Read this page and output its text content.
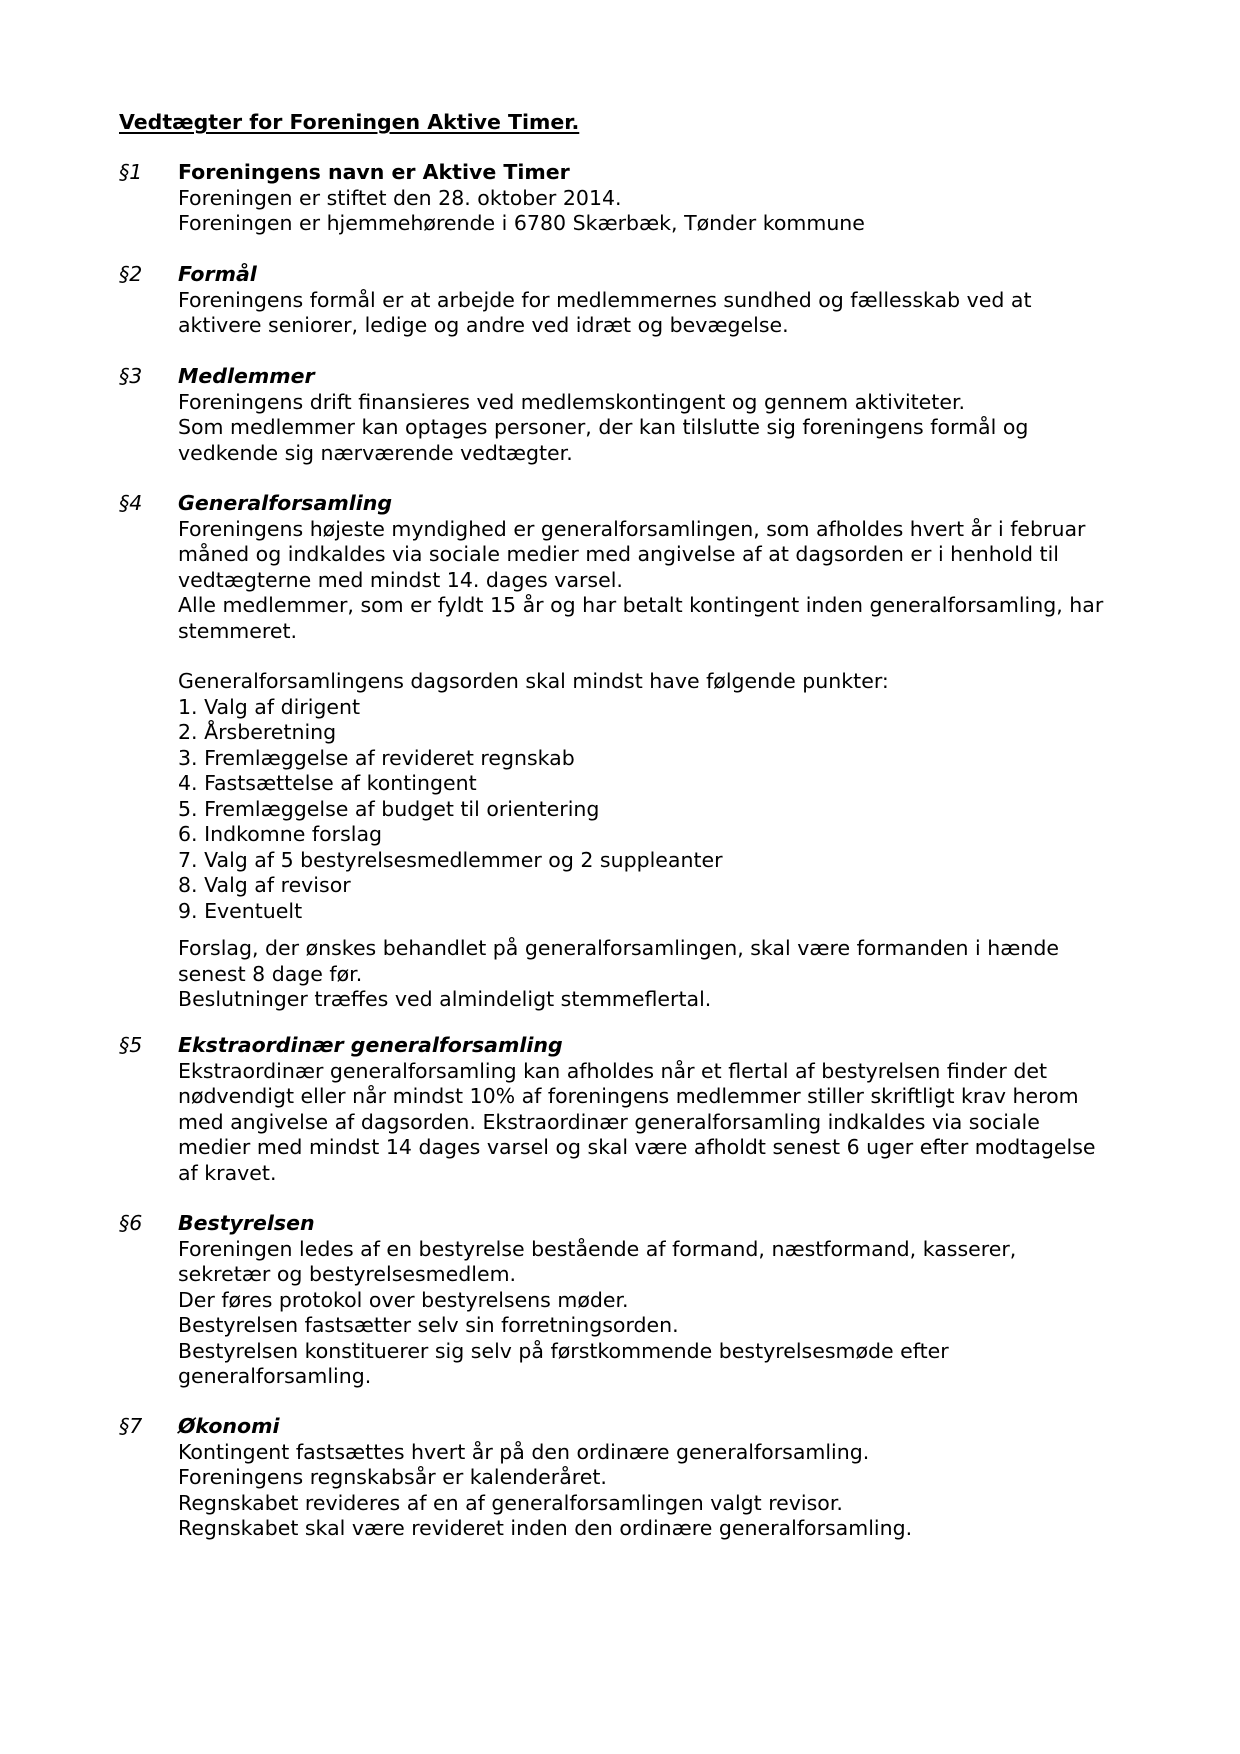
Vedtægter for Foreningen Aktive Timer.
§1 Foreningens navn er Aktive Timer

Foreningen er stiftet den 28. oktober 2014.

Foreningen er hjemmehørende i 6780 Skærbæk, Tønder kommune

§2 Formål

Foreningens formål er at arbejde for medlemmernes sundhed og fællesskab ved at

aktivere seniorer, ledige og andre ved idræt og bevægelse.

§3 Medlemmer

Foreningens drift finansieres ved medlemskontingent og gennem aktiviteter.

Som medlemmer kan optages personer, der kan tilslutte sig foreningens formål og

vedkende sig nærværende vedtægter.

§4 Generalforsamling

Foreningens højeste myndighed er generalforsamlingen, som afholdes hvert år i februar

måned og indkaldes via sociale medier med angivelse af at dagsorden er i henhold til

vedtægterne med mindst 14. dages varsel.

Alle medlemmer, som er fyldt 15 år og har betalt kontingent inden generalforsamling, har

stemmeret.

Generalforsamlingens dagsorden skal mindst have følgende punkter:

1. Valg af dirigent

2. Årsberetning

3. Fremlæggelse af revideret regnskab

4. Fastsættelse af kontingent

5. Fremlæggelse af budget til orientering

6. Indkomne forslag

7. Valg af 5 bestyrelsesmedlemmer og 2 suppleanter

8. Valg af revisor

9. Eventuelt

Forslag, der ønskes behandlet på generalforsamlingen, skal være formanden i hænde

senest 8 dage før.

Beslutninger træffes ved almindeligt stemmeflertal.

§5 Ekstraordinær generalforsamling

Ekstraordinær generalforsamling kan afholdes når et flertal af bestyrelsen finder det

nødvendigt eller når mindst 10% af foreningens medlemmer stiller skriftligt krav herom

med angivelse af dagsorden. Ekstraordinær generalforsamling indkaldes via sociale

medier med mindst 14 dages varsel og skal være afholdt senest 6 uger efter modtagelse

af kravet.

§6 Bestyrelsen

Foreningen ledes af en bestyrelse bestående af formand, næstformand, kasserer,

sekretær og bestyrelsesmedlem.

Der føres protokol over bestyrelsens møder.

Bestyrelsen fastsætter selv sin forretningsorden.

Bestyrelsen konstituerer sig selv på førstkommende bestyrelsesmøde efter

generalforsamling.

§7 Økonomi

Kontingent fastsættes hvert år på den ordinære generalforsamling.

Foreningens regnskabsår er kalenderåret.

Regnskabet revideres af en af generalforsamlingen valgt revisor.

Regnskabet skal være revideret inden den ordinære generalforsamling.
